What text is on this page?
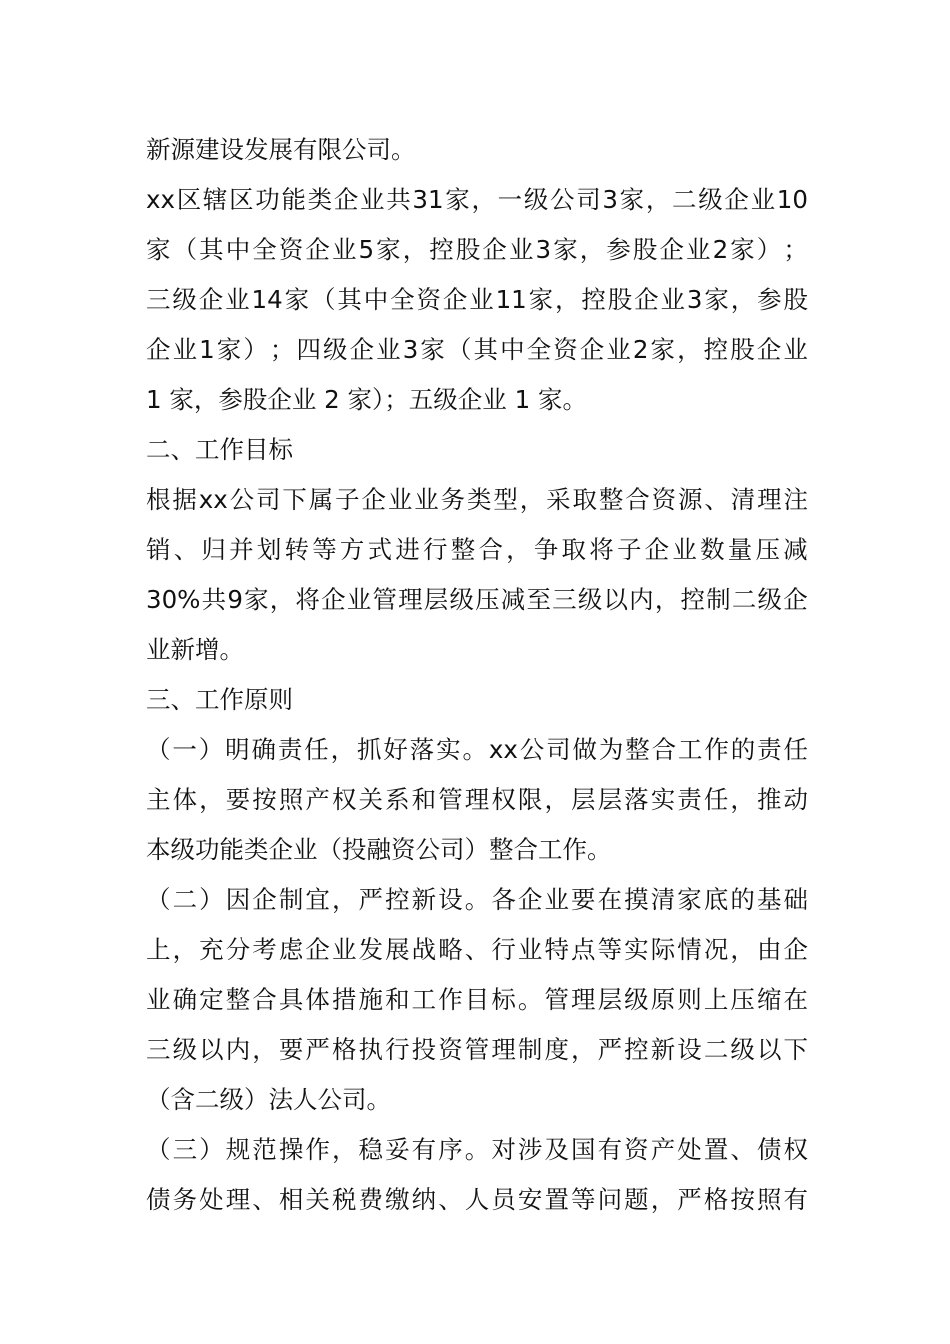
新源建设发展有限公司。
xx 区 辖 区 功 能 类 企 业 共 31 家 ， 一 级 公 司 3 家 ， 二 级 企 业 10
家 （ 其 中 全 资 企 业 5 家 ， 控 股 企 业 3 家 ， 参 股 企 业 2 家 ） ；
三 级 企 业 14 家 （ 其 中 全 资 企 业 11 家 ， 控 股 企 业 3 家 ， 参 股
企 业 1 家 ） ； 四 级 企 业 3 家 （ 其 中 全 资 企 业 2 家 ， 控 股 企 业
1 家，参股企业 2 家）；五级企业 1 家。
二、工作目标
根 据 xx 公 司 下 属 子 企 业 业 务 类 型 ， 采 取 整 合 资 源 、 清 理 注
销 、 归 并 划 转 等 方 式 进 行 整 合 ， 争 取 将 子 企 业 数 量 压 减
30% 共 9 家 ， 将 企 业 管 理 层 级 压 减 至 三 级 以 内 ， 控 制 二 级 企
业新增。
三、工作原则
（ 一 ） 明 确 责 任 ， 抓 好 落 实 。 xx 公 司 做 为 整 合 工 作 的 责 任
主 体 ， 要 按 照 产 权 关 系 和 管 理 权 限 ， 层 层 落 实 责 任 ， 推 动
本级功能类企业（投融资公司）整合工作。
（ 二 ） 因 企 制 宜 ， 严 控 新 设 。 各 企 业 要 在 摸 清 家 底 的 基 础
上 ， 充 分 考 虑 企 业 发 展 战 略 、 行 业 特 点 等 实 际 情 况 ， 由 企
业 确 定 整 合 具 体 措 施 和 工 作 目 标 。 管 理 层 级 原 则 上 压 缩 在
三 级 以 内 ， 要 严 格 执 行 投 资 管 理 制 度 ， 严 控 新 设 二 级 以 下
（含二级）法人公司。
（ 三 ） 规 范 操 作 ， 稳 妥 有 序 。 对 涉 及 国 有 资 产 处 置 、 债 权
债 务 处 理 、 相 关 税 费 缴 纳 、 人 员 安 置 等 问 题 ， 严 格 按 照 有
